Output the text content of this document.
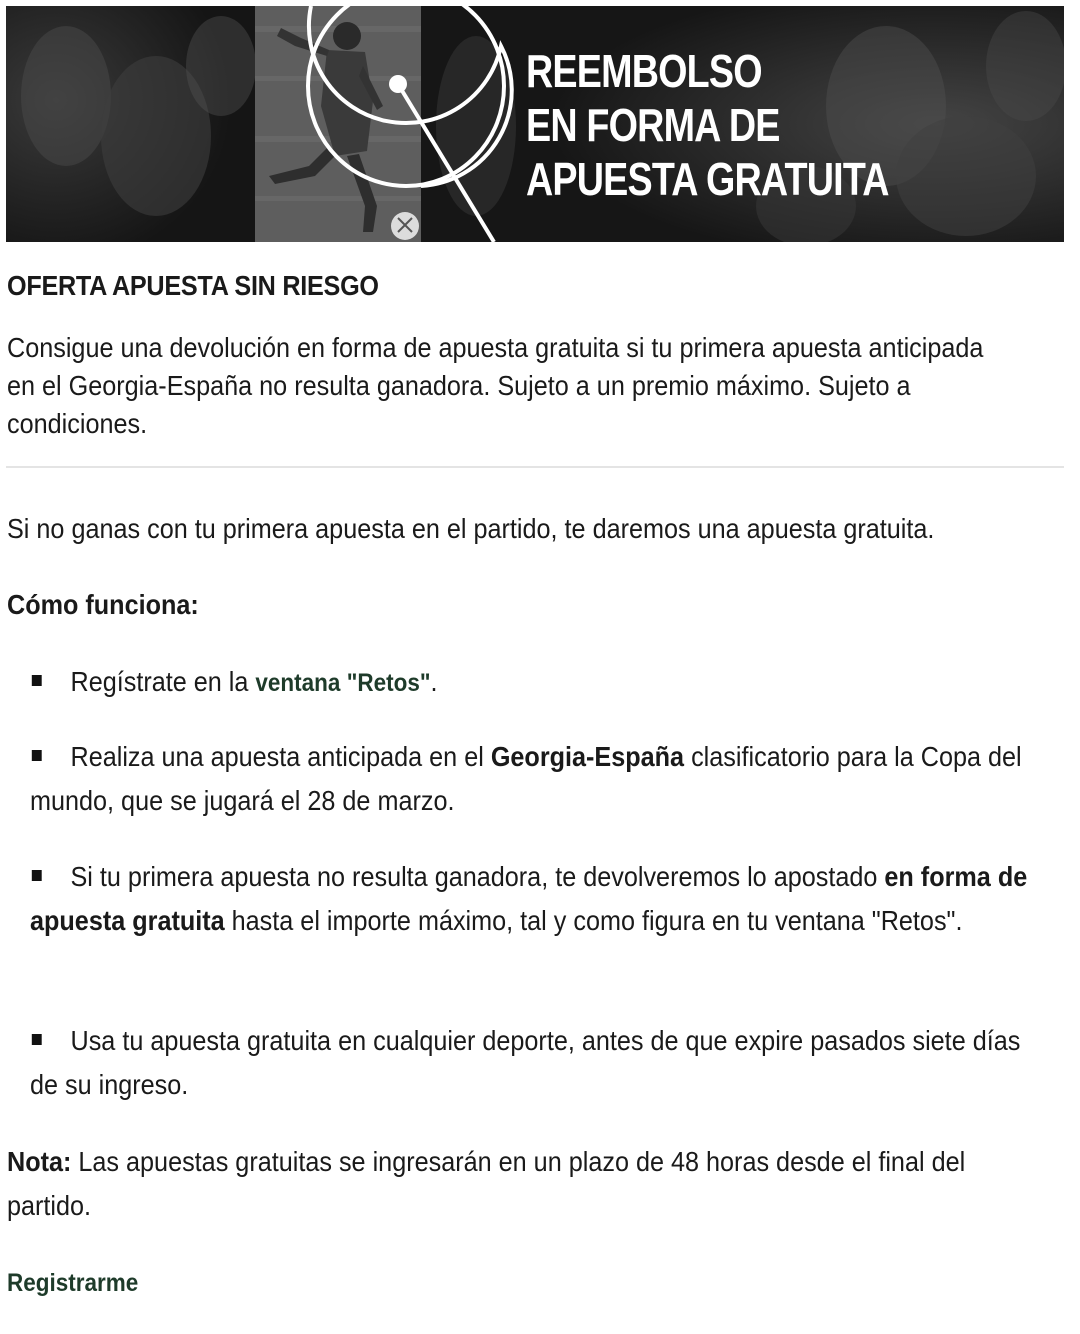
REEMBOLSO
EN FORMA DE
APUESTA GRATUITA
OFERTA APUESTA SIN RIESGO

Consigue una devolución en forma de apuesta gratuita si tu primera apuesta anticipada en el Georgia-España no resulta ganadora. Sujeto a un premio máximo. Sujeto a condiciones.

Si no ganas con tu primera apuesta en el partido, te daremos una apuesta gratuita.

Cómo funciona:

Regístrate en la ventana "Retos".

Realiza una apuesta anticipada en el Georgia-España clasificatorio para la Copa del mundo, que se jugará el 28 de marzo.

Si tu primera apuesta no resulta ganadora, te devolveremos lo apostado en forma de apuesta gratuita hasta el importe máximo, tal y como figura en tu ventana "Retos".

Usa tu apuesta gratuita en cualquier deporte, antes de que expire pasados siete días de su ingreso.

Nota: Las apuestas gratuitas se ingresarán en un plazo de 48 horas desde el final del partido.

Registrarme
